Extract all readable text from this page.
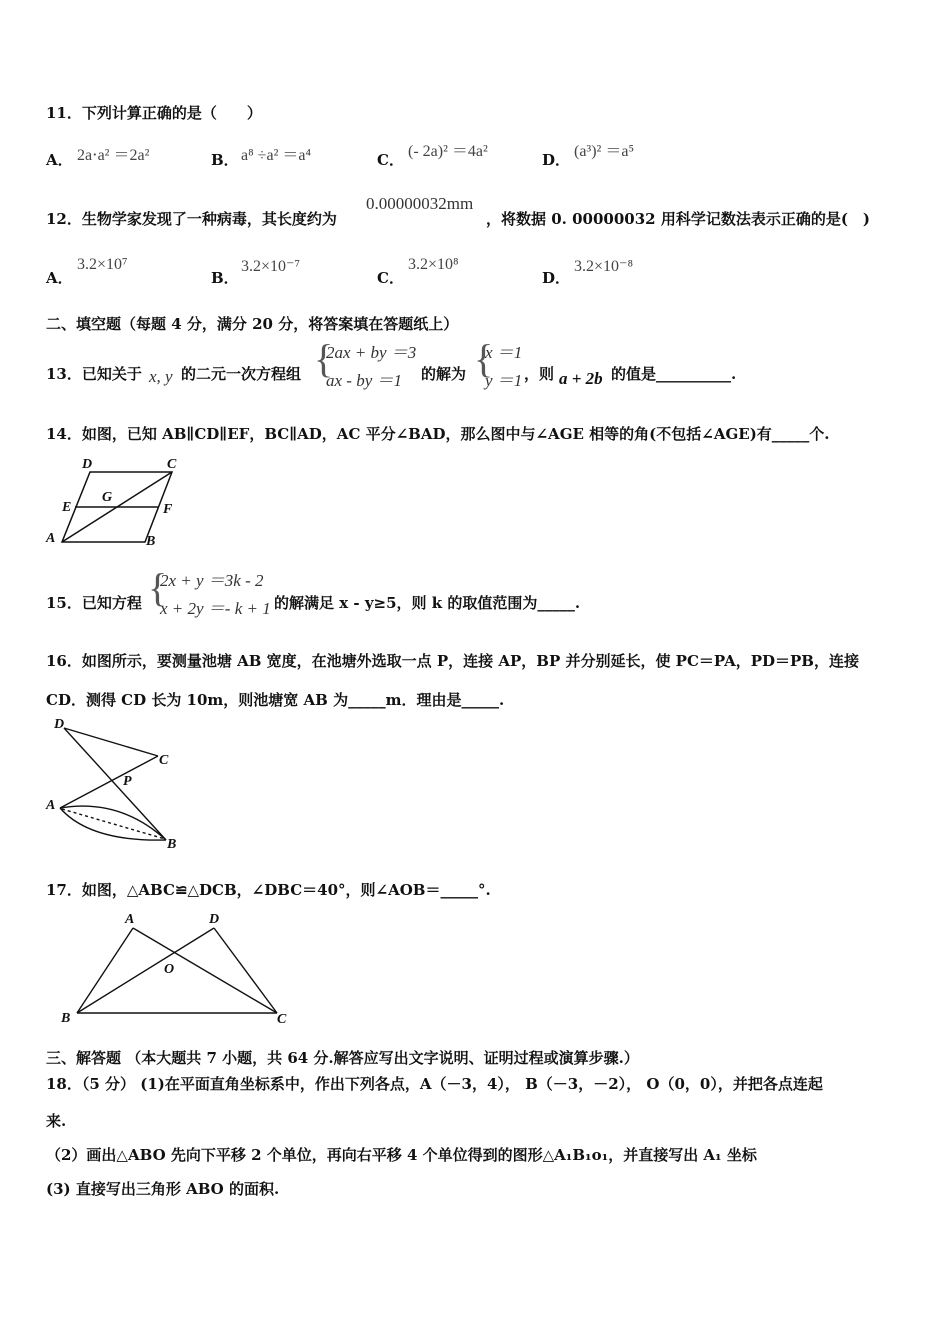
11．下列计算正确的是（　　）
A． 2a⋅a² ＝2a²	B． a⁸ ÷a² ＝a⁴	C． (- 2a)² ＝4a²	D． (a³)² ＝a⁵
12．生物学家发现了一种病毒，其长度约为
0.00000032mm
，将数据 0. 00000032 用科学记数法表示正确的是(　)
A．
3.2×10⁷
B．
3.2×10⁻⁷
C．
3.2×10⁸
D．
3.2×10⁻⁸
二、填空题（每题 4 分，满分 20 分，将答案填在答题纸上）
13．已知关于 x, y 的二元一次方程组 {
2ax + by ＝3
ax - by ＝1 的解为 {
x ＝1
y ＝1 ，则 a + 2b 的值是__________.
14．如图，已知 AB∥CD∥EF，BC∥AD，AC 平分∠BAD，那么图中与∠AGE 相等的角(不包括∠AGE)有_____个.
D	C
E
G
F
A	B
15．已知方程 {
2x + y ＝3k - 2
x + 2y ＝- k + 1 的解满足 x - y≥5，则 k 的取值范围为_____.
16．如图所示，要测量池塘 AB 宽度，在池塘外选取一点 P，连接 AP，BP 并分别延长，使 PC＝PA，PD＝PB，连接
CD．测得 CD 长为 10m，则池塘宽 AB 为_____m．理由是_____.
D
C
P
A
B
17．如图，△ABC≌△DCB，∠DBC＝40°，则∠AOB＝_____°.
A	D
O
B	C
三、解答题 （本大题共 7 小题，共 64 分.解答应写出文字说明、证明过程或演算步骤.）
18．（5 分） (1)在平面直角坐标系中，作出下列各点，A（－3，4）， B（－3，－2）， O（0，0），并把各点连起
来.
（2）画出△ABO 先向下平移 2 个单位，再向右平移 4 个单位得到的图形△A₁B₁o₁，并直接写出 A₁ 坐标
(3) 直接写出三角形 ABO 的面积.
